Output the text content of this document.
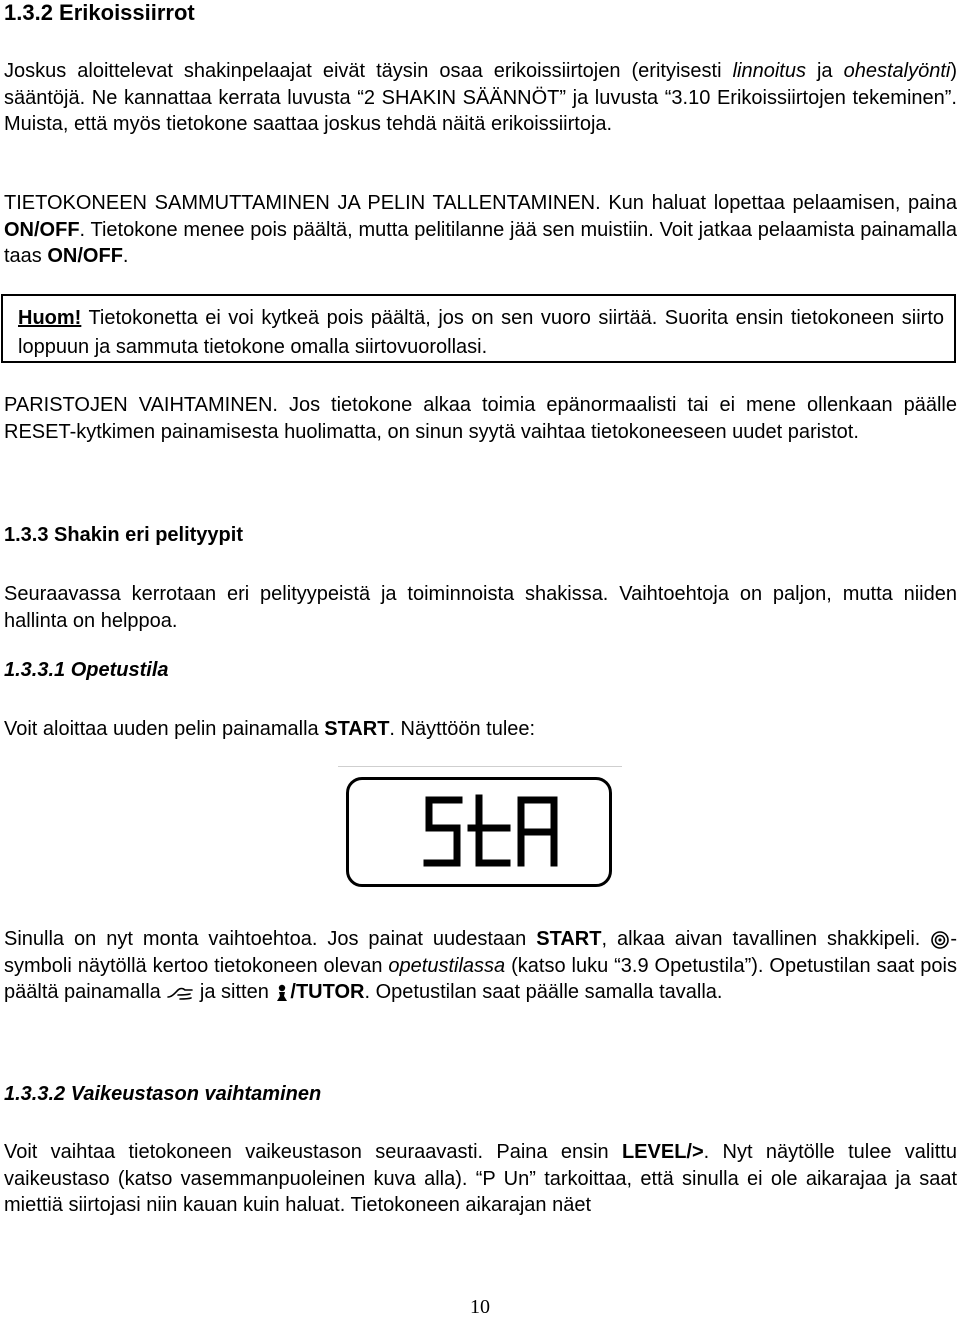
1.3.2 Erikoissiirrot

Joskus aloittelevat shakinpelaajat eivät täysin osaa erikoissiirtojen (erityisesti linnoitus ja ohestalyönti) sääntöjä. Ne kannattaa kerrata luvusta “2 SHAKIN SÄÄNNÖT” ja luvusta “3.10 Erikoissiirtojen tekeminen”. Muista, että myös tietokone saattaa joskus tehdä näitä erikoissiirtoja.

TIETOKONEEN SAMMUTTAMINEN JA PELIN TALLENTAMINEN. Kun haluat lopettaa pelaamisen, paina ON/OFF. Tietokone menee pois päältä, mutta pelitilanne jää sen muistiin. Voit jatkaa pelaamista painamalla taas ON/OFF.

Huom! Tietokonetta ei voi kytkeä pois päältä, jos on sen vuoro siirtää. Suorita ensin tietokoneen siirto loppuun ja sammuta tietokone omalla siirtovuorollasi.

PARISTOJEN VAIHTAMINEN. Jos tietokone alkaa toimia epänormaalisti tai ei mene ollenkaan päälle RESET-kytkimen painamisesta huolimatta, on sinun syytä vaihtaa tietokoneeseen uudet paristot.

1.3.3 Shakin eri pelityypit

Seuraavassa kerrotaan eri pelityypeistä ja toiminnoista shakissa. Vaihtoehtoja on paljon, mutta niiden hallinta on helppoa.

1.3.3.1 Opetustila

Voit aloittaa uuden pelin painamalla START. Näyttöön tulee:

Sinulla on nyt monta vaihtoehtoa. Jos painat uudestaan START, alkaa aivan tavallinen shakkipeli. -symboli näytöllä kertoo tietokoneen olevan opetustilassa (katso luku “3.9 Opetustila”). Opetustilan saat pois päältä painamalla  ja sitten /TUTOR. Opetustilan saat päälle samalla tavalla.

1.3.3.2 Vaikeustason vaihtaminen

Voit vaihtaa tietokoneen vaikeustason seuraavasti. Paina ensin LEVEL/>. Nyt näytölle tulee valittu vaikeustaso (katso vasemmanpuoleinen kuva alla). “P Un” tarkoittaa, että sinulla ei ole aikarajaa ja saat miettiä siirtojasi niin kauan kuin haluat. Tietokoneen aikarajan näet

10
